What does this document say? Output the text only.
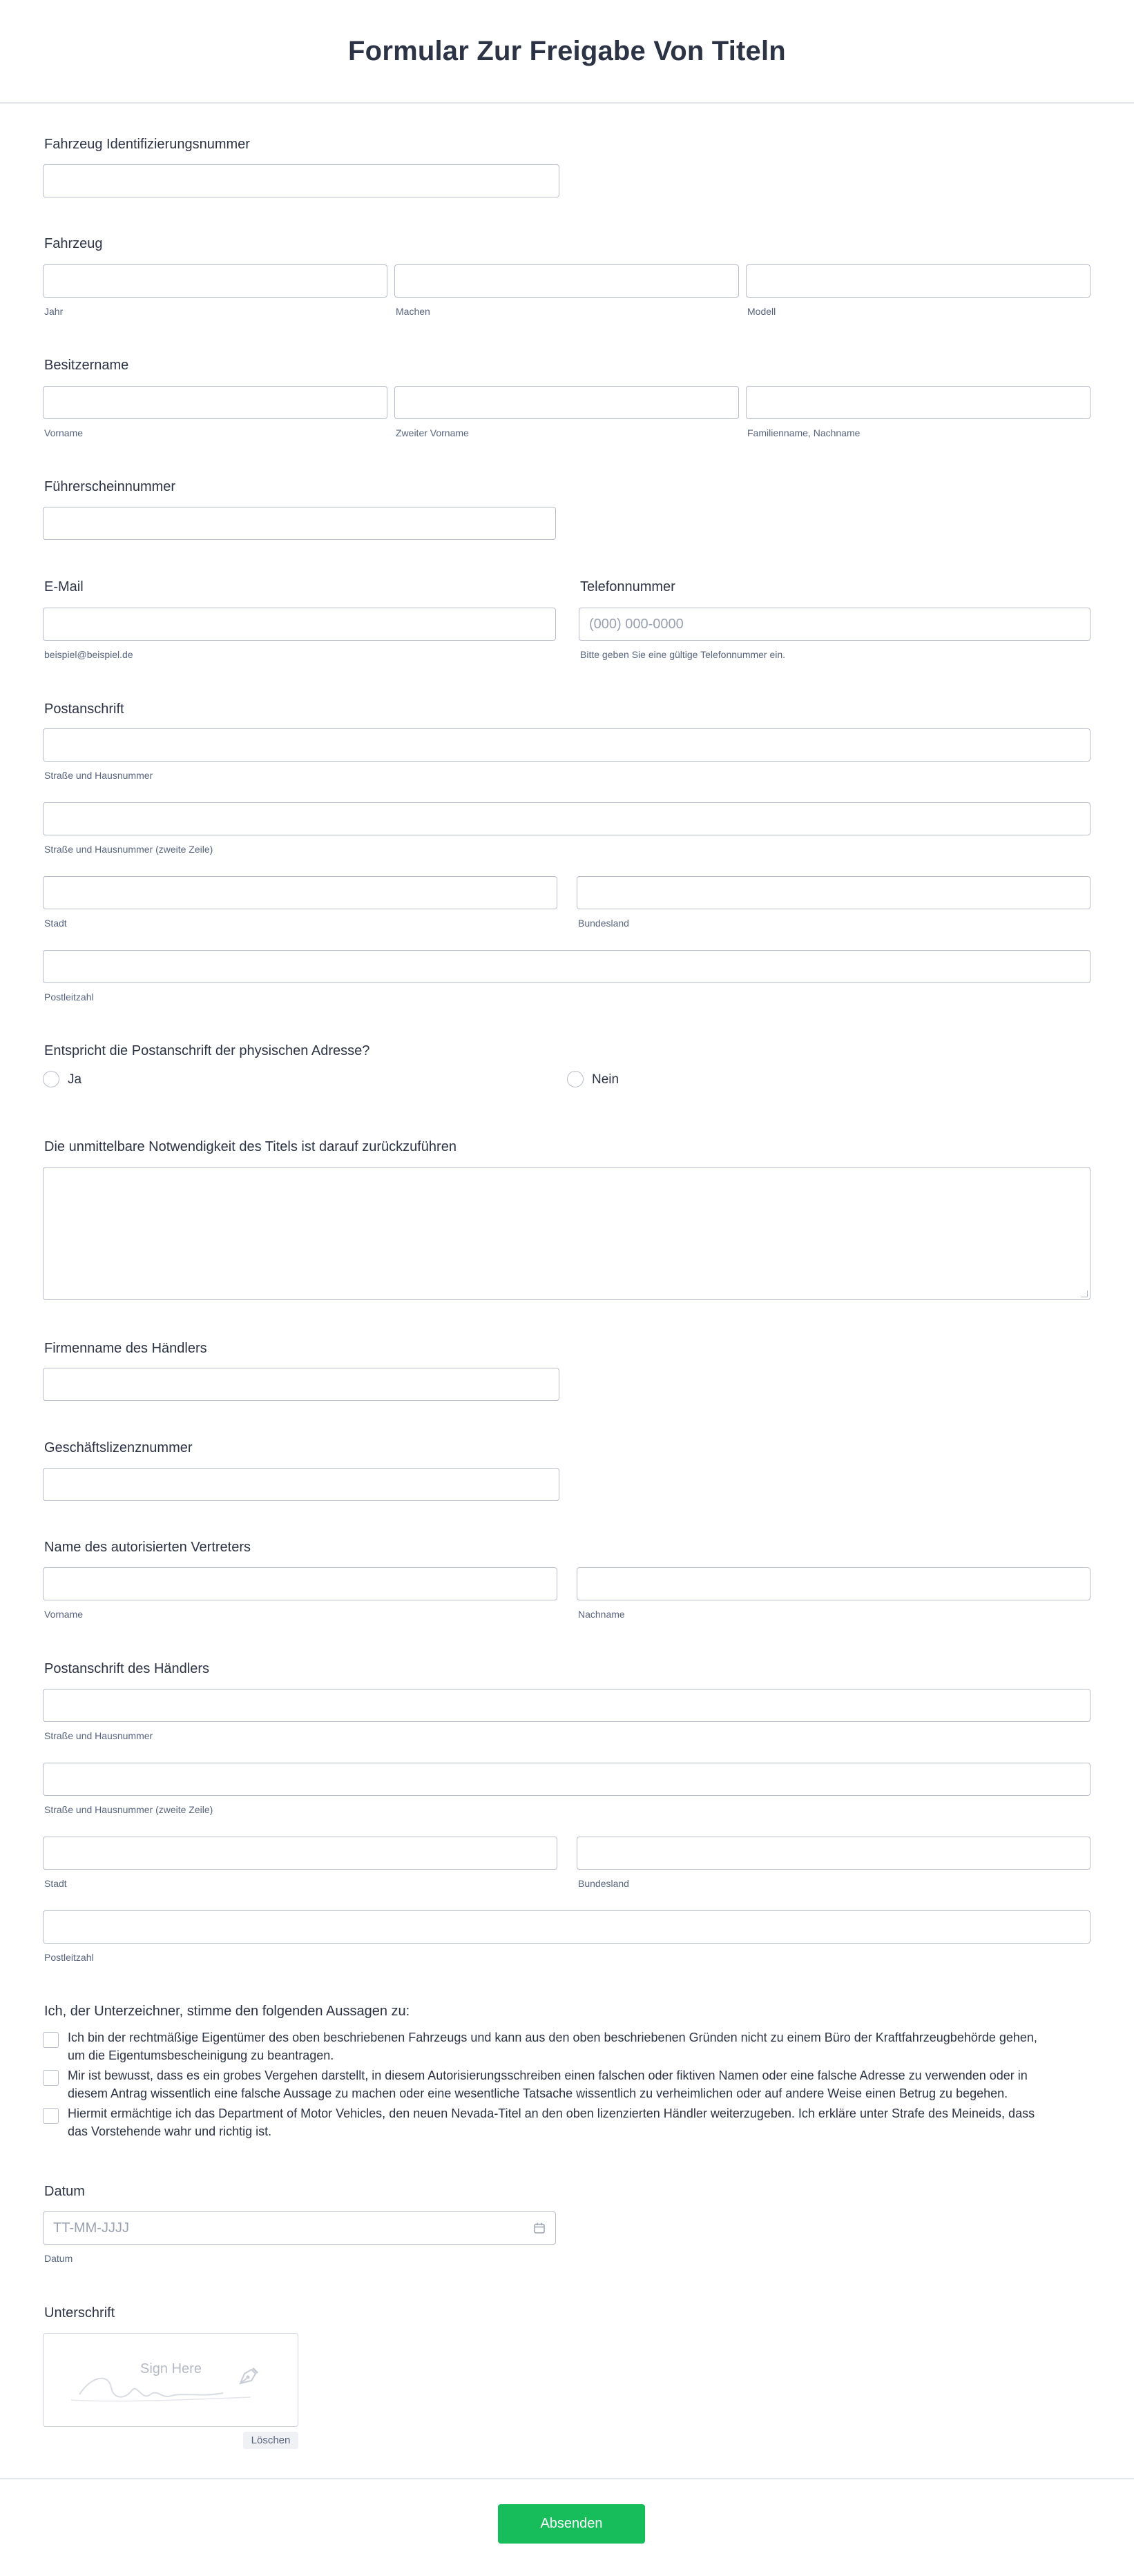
Formular Zur Freigabe Von Titeln
Fahrzeug Identifizierungsnummer
Fahrzeug
Jahr	Machen	Modell
Besitzername
Vorname	Zweiter Vorname	Familienname, Nachname
Führerscheinnummer
E-Mail
beispiel@beispiel.de
Telefonnummer
(000) 000-0000
Bitte geben Sie eine gültige Telefonnummer ein.
Postanschrift
Straße und Hausnummer
Straße und Hausnummer (zweite Zeile)
Stadt	Bundesland
Postleitzahl
Entspricht die Postanschrift der physischen Adresse?
Ja	Nein
Die unmittelbare Notwendigkeit des Titels ist darauf zurückzuführen
Firmenname des Händlers
Geschäftslizenznummer
Name des autorisierten Vertreters
Vorname	Nachname
Postanschrift des Händlers
Straße und Hausnummer
Straße und Hausnummer (zweite Zeile)
Stadt	Bundesland
Postleitzahl
Ich, der Unterzeichner, stimme den folgenden Aussagen zu:
Ich bin der rechtmäßige Eigentümer des oben beschriebenen Fahrzeugs und kann aus den oben beschriebenen Gründen nicht zu einem Büro der Kraftfahrzeugbehörde gehen,
um die Eigentumsbescheinigung zu beantragen.
Mir ist bewusst, dass es ein grobes Vergehen darstellt, in diesem Autorisierungsschreiben einen falschen oder fiktiven Namen oder eine falsche Adresse zu verwenden oder in
diesem Antrag wissentlich eine falsche Aussage zu machen oder eine wesentliche Tatsache wissentlich zu verheimlichen oder auf andere Weise einen Betrug zu begehen.
Hiermit ermächtige ich das Department of Motor Vehicles, den neuen Nevada-Titel an den oben lizenzierten Händler weiterzugeben. Ich erkläre unter Strafe des Meineids, dass
das Vorstehende wahr und richtig ist.
Datum
TT-MM-JJJJ
Datum
Unterschrift
Sign Here
Löschen
Absenden
